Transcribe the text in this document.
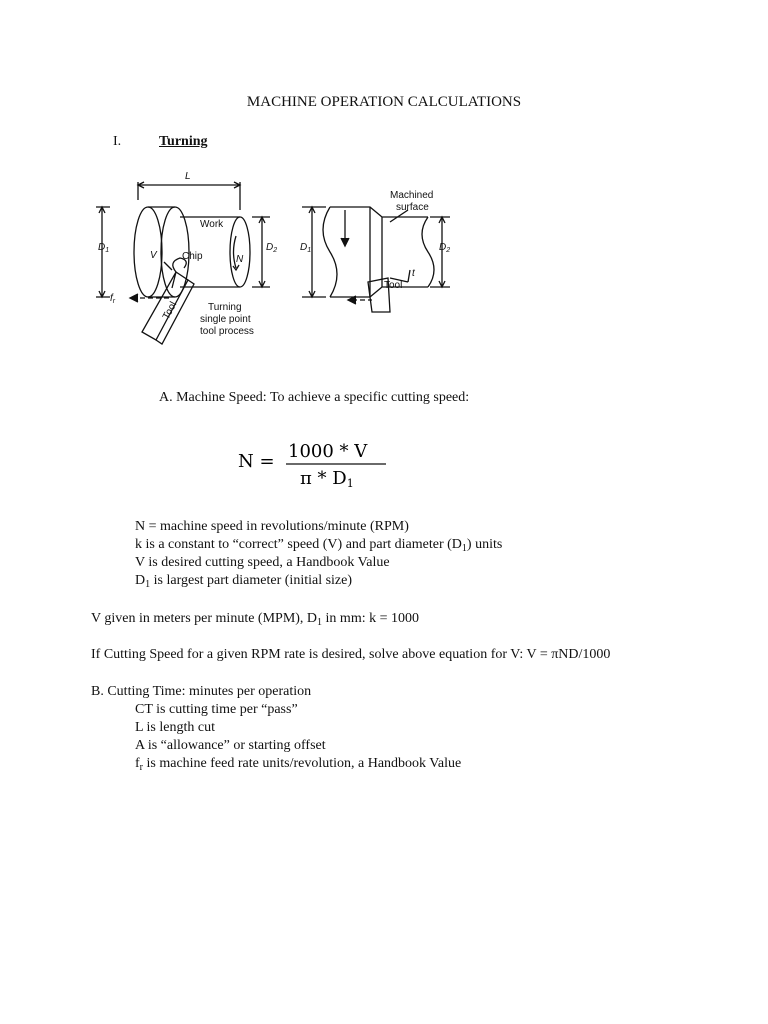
MACHINE OPERATION CALCULATIONS
I.	Turning
L
$D_1$	$D_2$
Work
Chip
V	N
$f_r$	Tool	Turning
single point
tool process
Machined
surface
$D_1$	$D_2$
t
Tool
A. Machine Speed: To achieve a specific cutting speed:
N = 1000 * V
π * D1
N = machine speed in revolutions/minute (RPM)
k is a constant to “correct” speed (V) and part diameter $(D_1)$ units
V is desired cutting speed, a Handbook Value
$D_1$ is largest part diameter (initial size)
V given in meters per minute (MPM), $D_1$ in mm: k = 1000
If Cutting Speed for a given RPM rate is desired, solve above equation for V: V = πND/1000
B. Cutting Time: minutes per operation
CT is cutting time per “pass”
L is length cut
A is “allowance” or starting offset
$f_r$ is machine feed rate units/revolution, a Handbook Value
